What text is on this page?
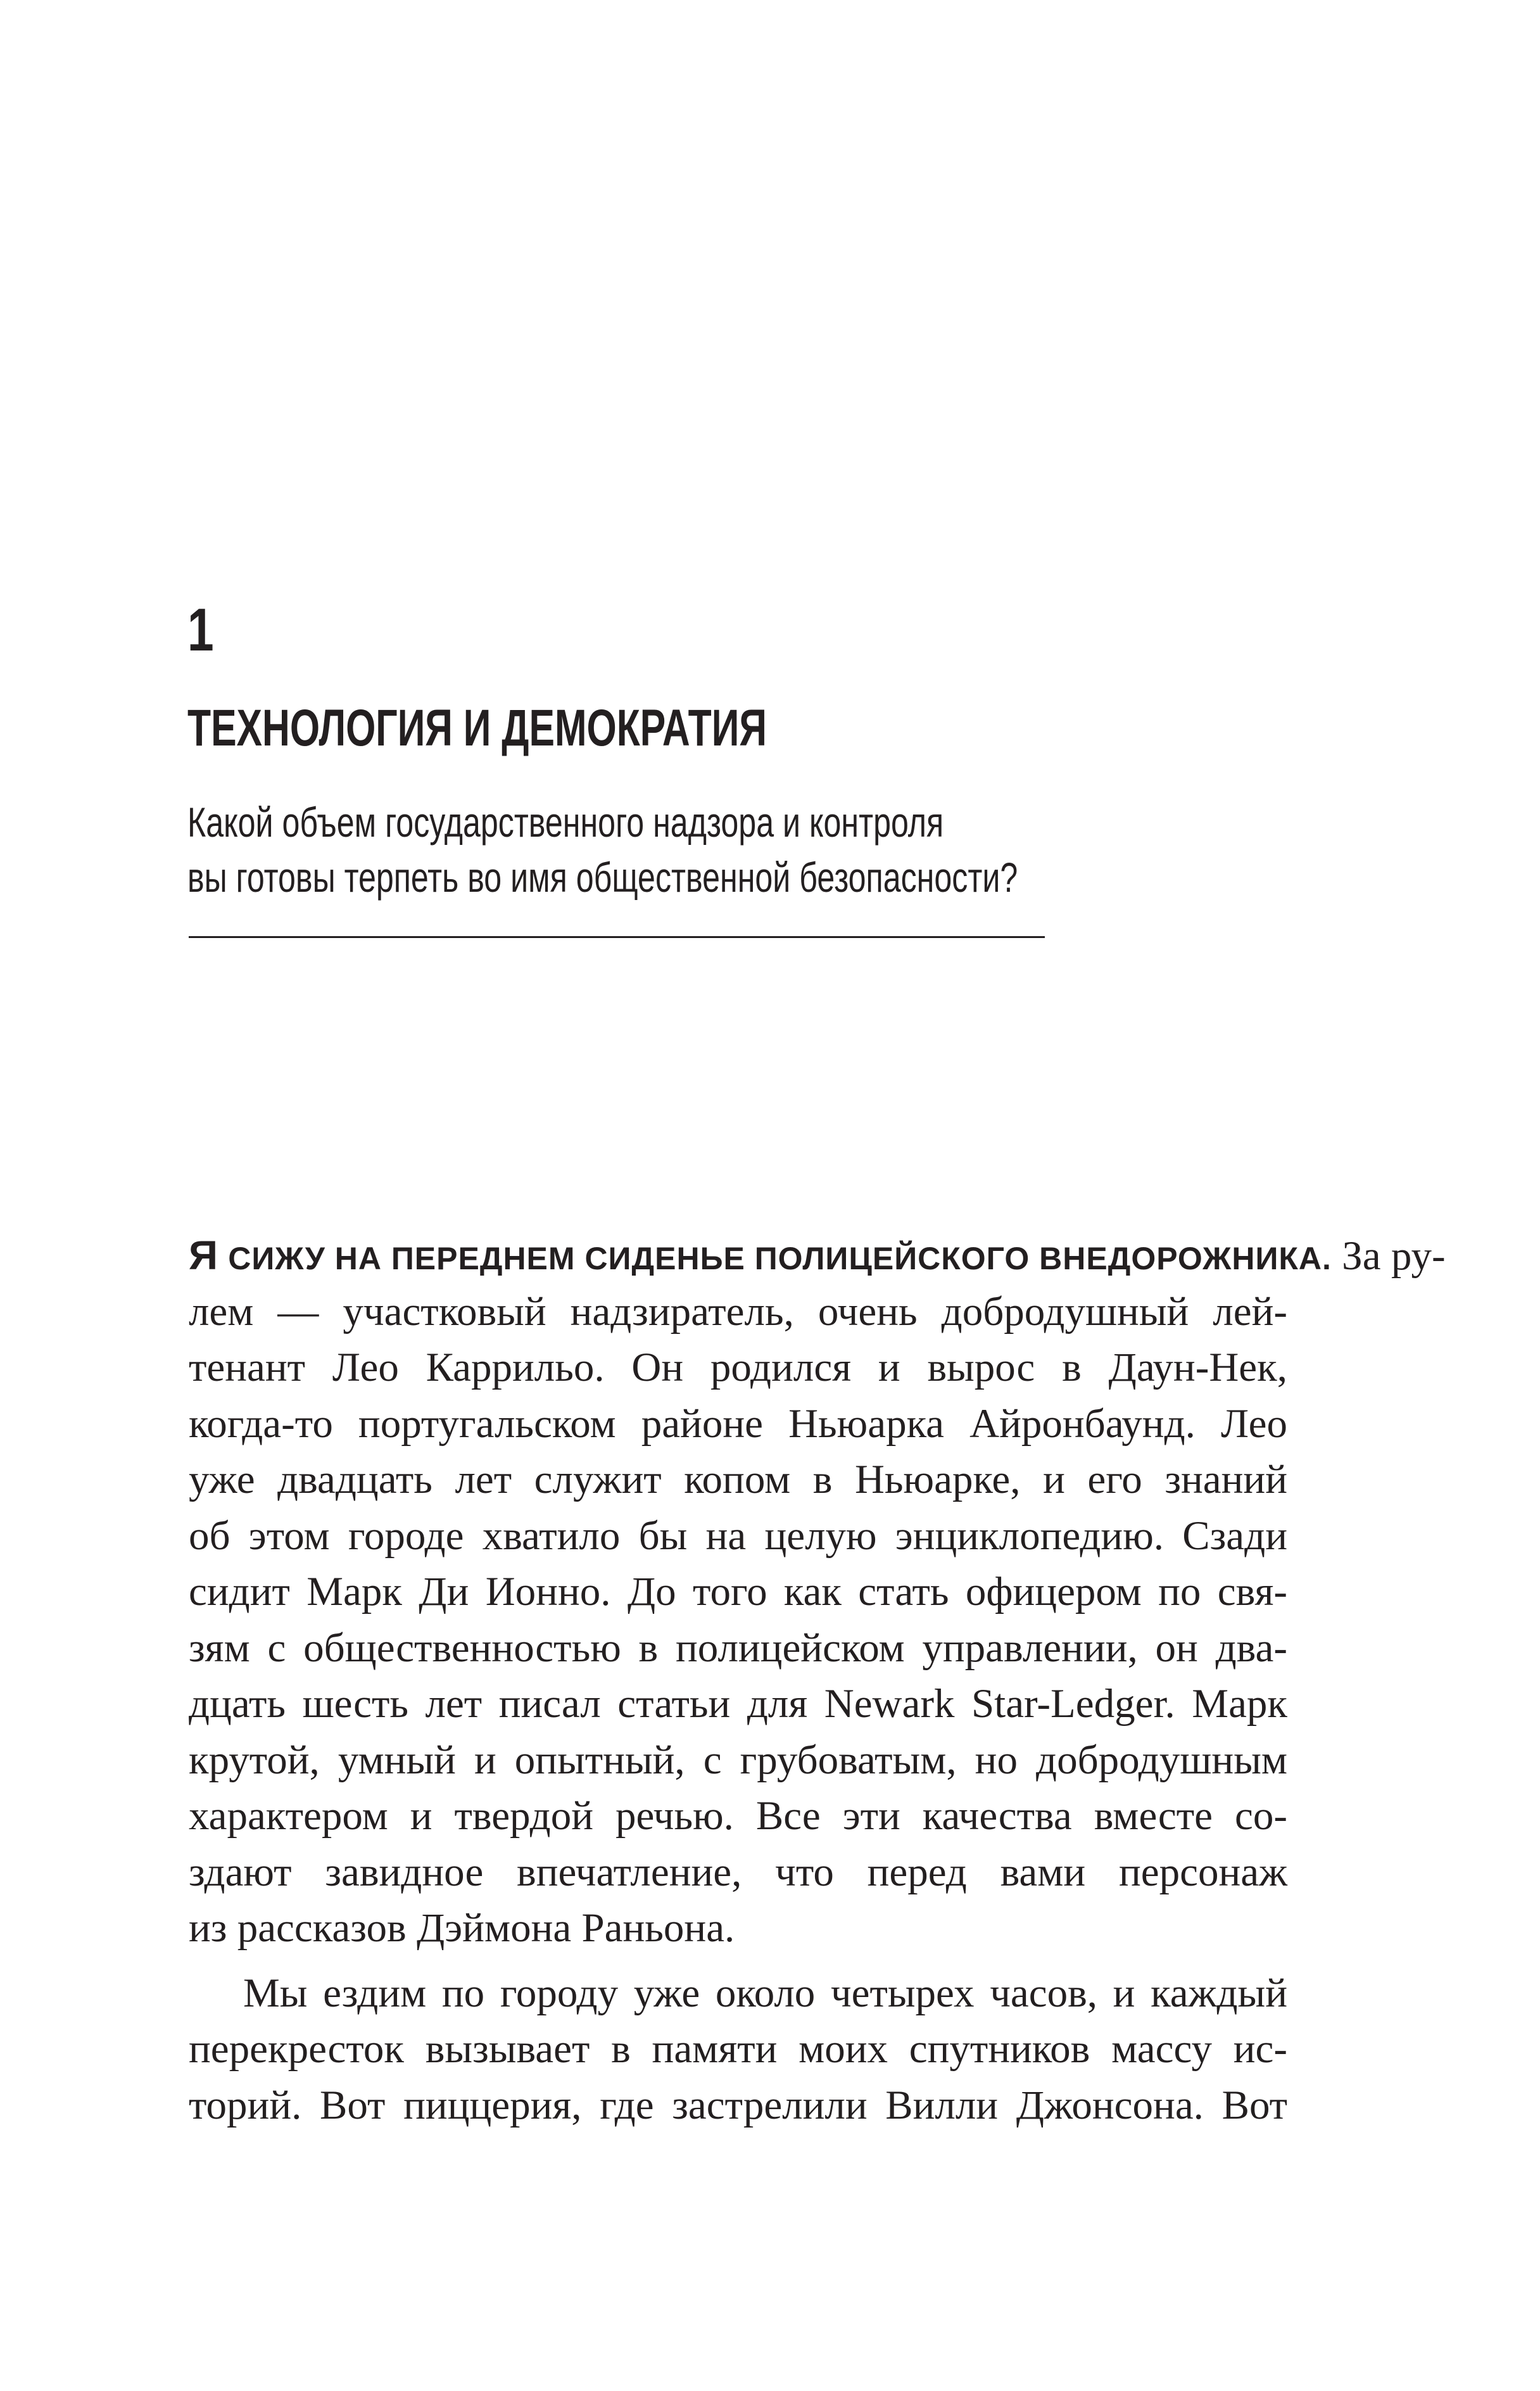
1
ТЕХНОЛОГИЯ И ДЕМОКРАТИЯ
Какой объем государственного надзора и контроля
вы готовы терпеть во имя общественной безопасности?
Я СИЖУ НА ПЕРЕДНЕМ СИДЕНЬЕ ПОЛИЦЕЙСКОГО ВНЕДОРОЖНИКА. За ру-
лем — участковый надзиратель, очень добродушный лей-
тенант Лео Каррильо. Он родился и вырос в Даун-Нек,
когда-то португальском районе Ньюарка Айронбаунд. Лео
уже двадцать лет служит копом в Ньюарке, и его знаний
об этом городе хватило бы на целую энциклопедию. Сзади
сидит Марк Ди Ионно. До того как стать офицером по свя-
зям с общественностью в полицейском управлении, он два-
дцать шесть лет писал статьи для Newark Star-Ledger. Марк
крутой, умный и опытный, с грубоватым, но добродушным
характером и твердой речью. Все эти качества вместе со-
здают завидное впечатление, что перед вами персонаж
из рассказов Дэймона Раньона.
Мы ездим по городу уже около четырех часов, и каждый
перекресток вызывает в памяти моих спутников массу ис-
торий. Вот пиццерия, где застрелили Вилли Джонсона. Вот
